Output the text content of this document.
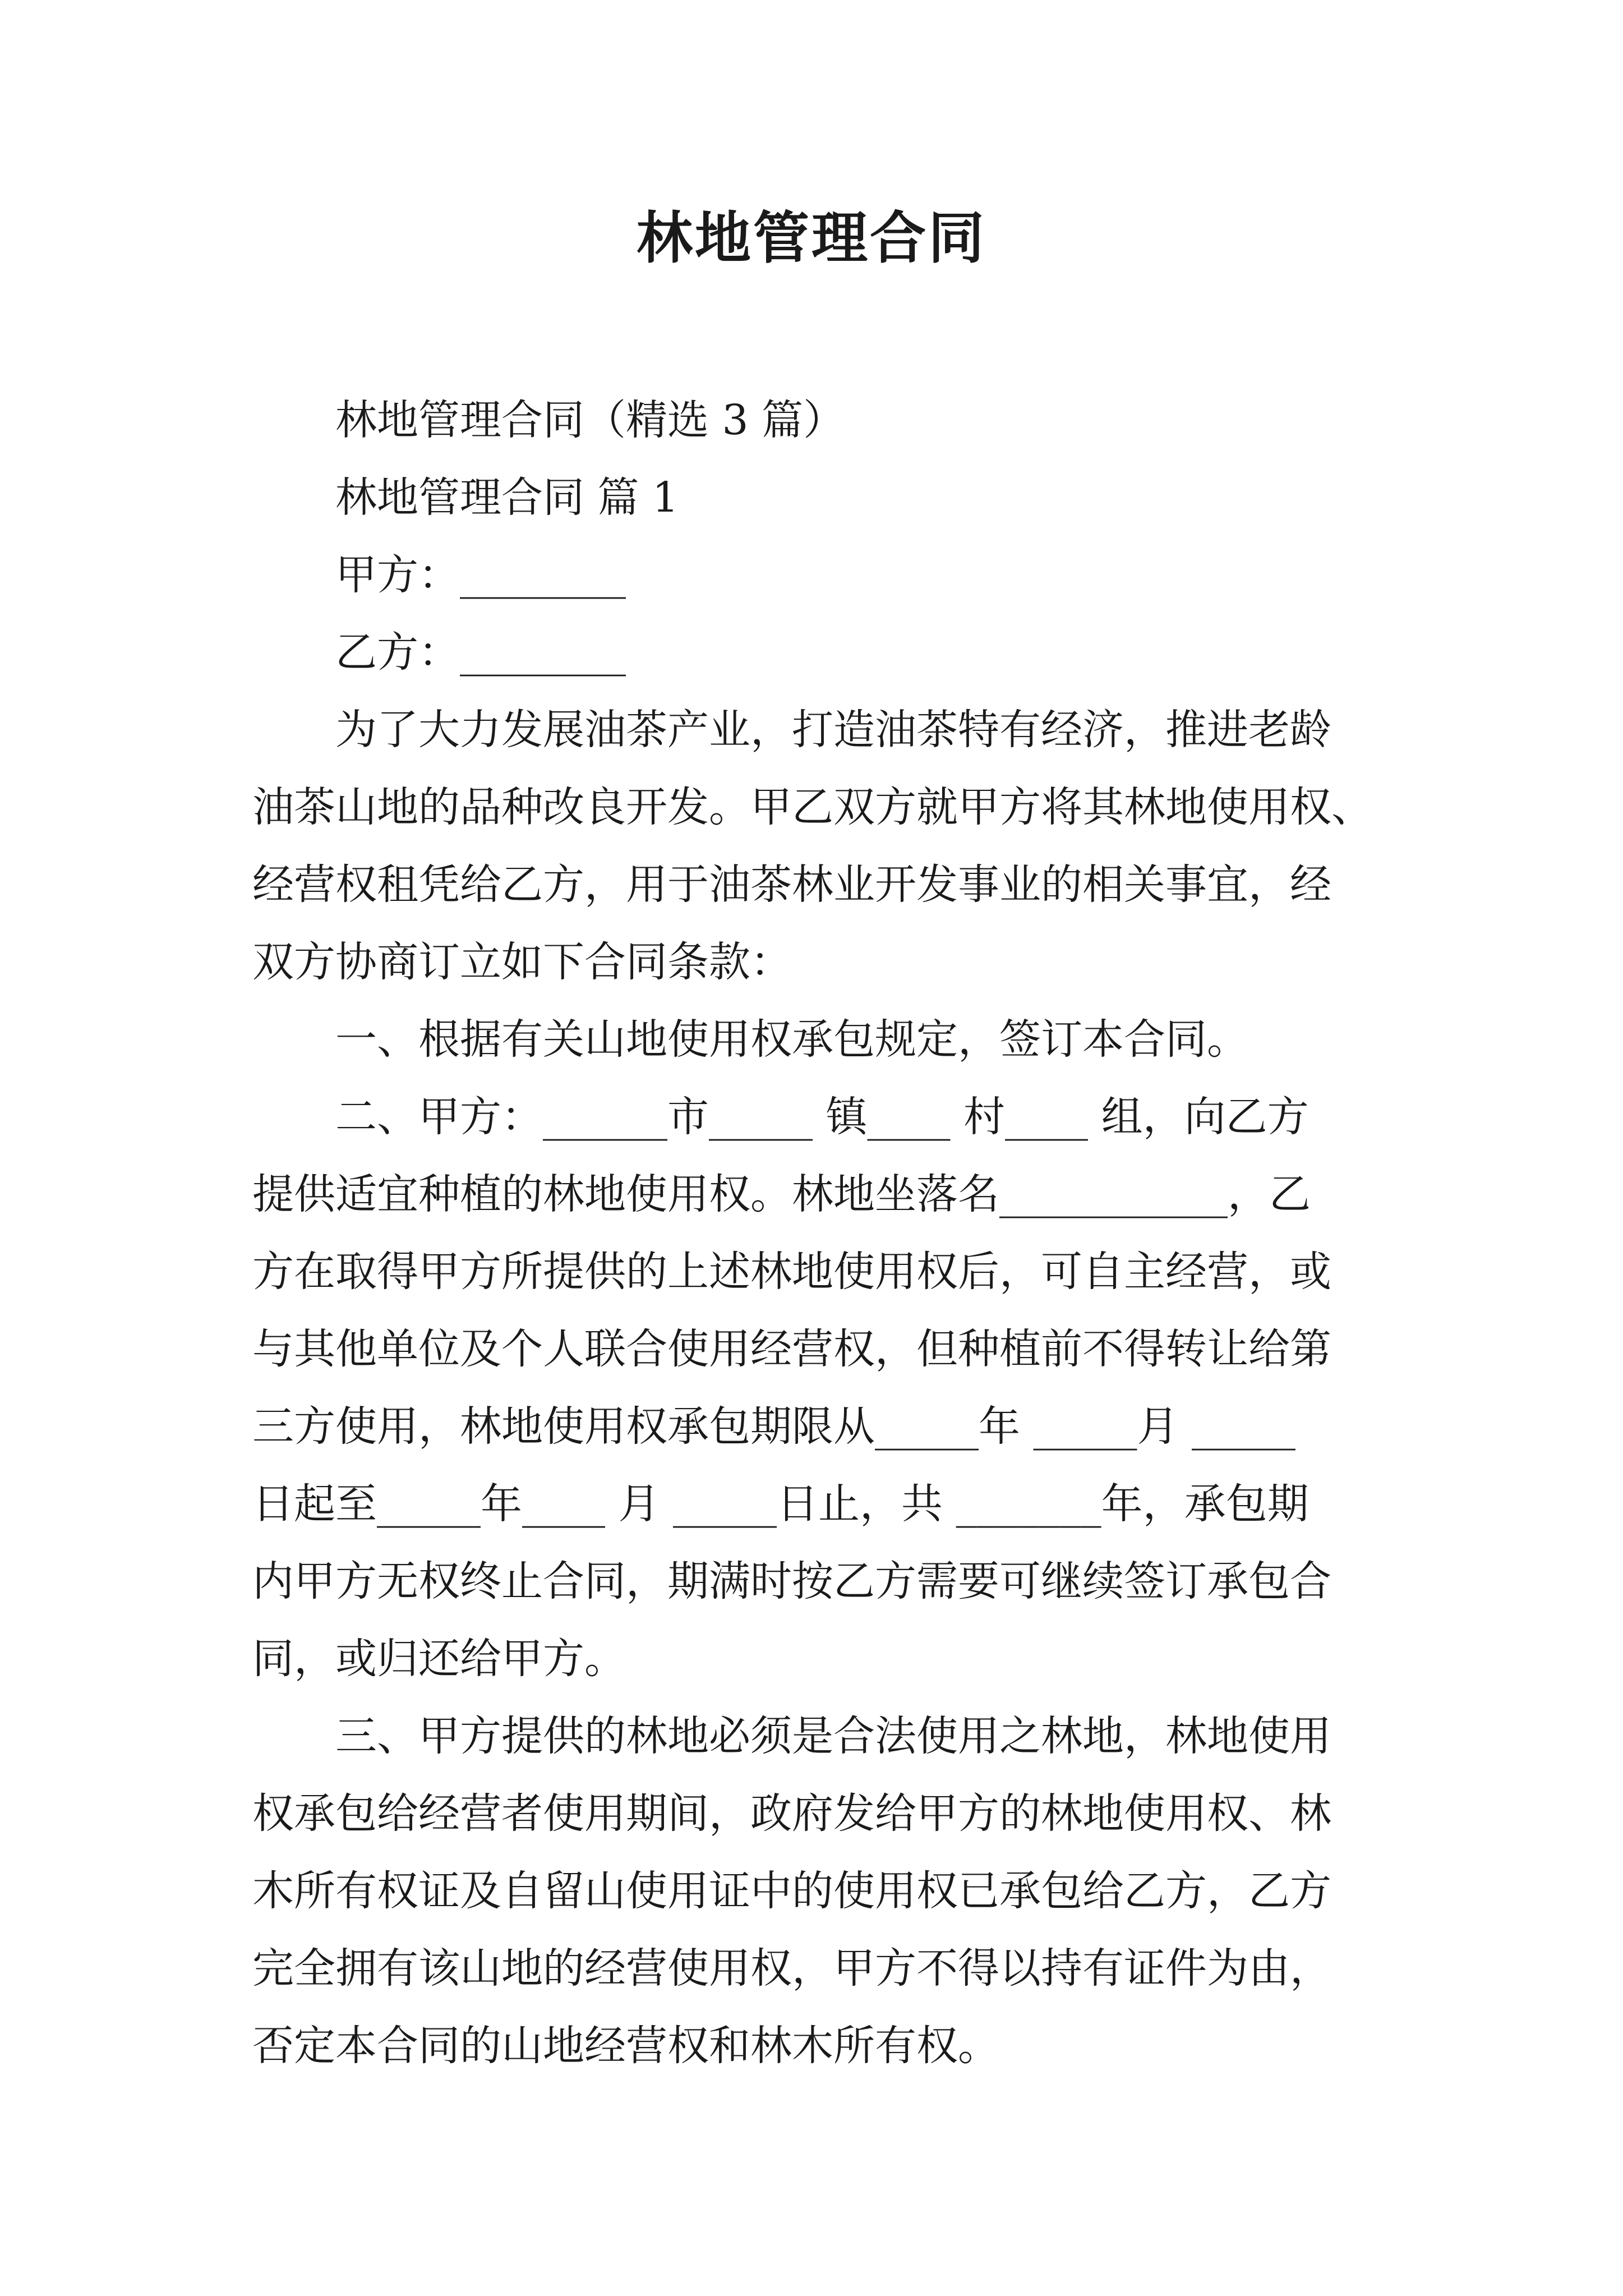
林地管理合同

林地管理合同（精选 3 篇）

林地管理合同 篇 1

甲方：________

乙方：________

为了大力发展油茶产业，打造油茶特有经济，推进老龄

油茶山地的品种改良开发。甲乙双方就甲方将其林地使用权、

经营权租凭给乙方，用于油茶林业开发事业的相关事宜，经

双方协商订立如下合同条款：

一、根据有关山地使用权承包规定，签订本合同。

二、甲方：______市_____ 镇____ 村____ 组，向乙方

提供适宜种植的林地使用权。林地坐落名___________，乙

方在取得甲方所提供的上述林地使用权后，可自主经营，或

与其他单位及个人联合使用经营权，但种植前不得转让给第

三方使用，林地使用权承包期限从_____年 _____月 _____

日起至_____年____ 月 _____日止，共 _______年，承包期

内甲方无权终止合同，期满时按乙方需要可继续签订承包合

同，或归还给甲方。

三、甲方提供的林地必须是合法使用之林地，林地使用

权承包给经营者使用期间，政府发给甲方的林地使用权、林

木所有权证及自留山使用证中的使用权已承包给乙方，乙方

完全拥有该山地的经营使用权，甲方不得以持有证件为由，

否定本合同的山地经营权和林木所有权。
